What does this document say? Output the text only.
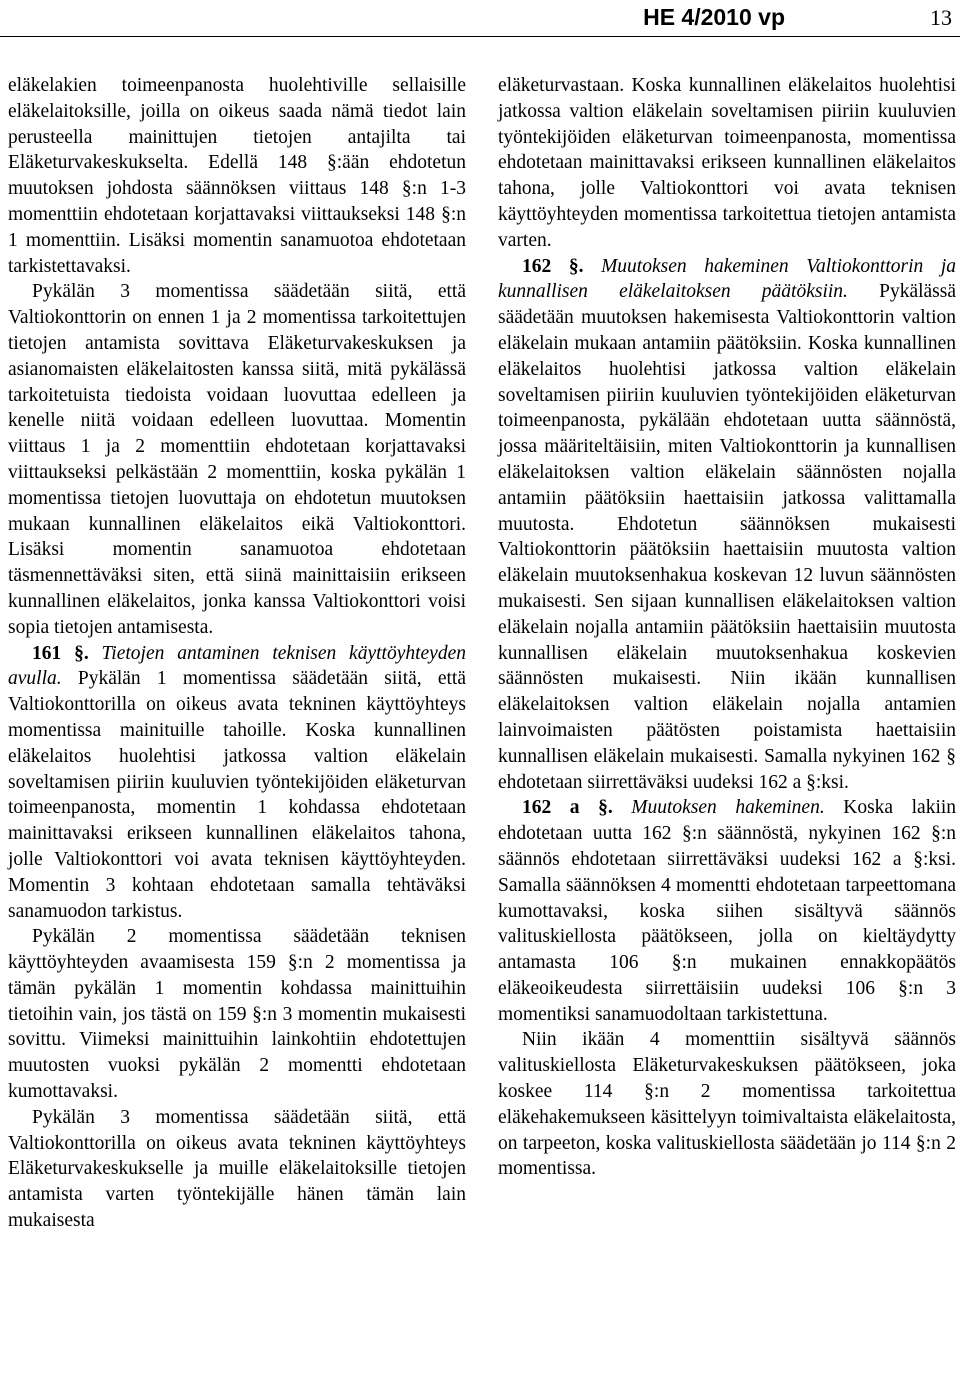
HE 4/2010 vp	13

eläkelakien toimeenpanosta huolehtiville sellaisille eläkelaitoksille, joilla on oikeus saada nämä tiedot lain perusteella mainittujen tietojen antajilta tai Eläketurvakeskukselta. Edellä 148 §:ään ehdotetun muutoksen johdosta säännöksen viittaus 148 §:n 1-3 momenttiin ehdotetaan korjattavaksi viittaukseksi 148 §:n 1 momenttiin. Lisäksi momentin sanamuotoa ehdotetaan tarkistettavaksi.

Pykälän 3 momentissa säädetään siitä, että Valtiokonttorin on ennen 1 ja 2 momentissa tarkoitettujen tietojen antamista sovittava Eläketurvakeskuksen ja asianomaisten eläkelaitosten kanssa siitä, mitä pykälässä tarkoitetuista tiedoista voidaan luovuttaa edelleen ja kenelle niitä voidaan edelleen luovuttaa. Momentin viittaus 1 ja 2 momenttiin ehdotetaan korjattavaksi viittaukseksi pelkästään 2 momenttiin, koska pykälän 1 momentissa tietojen luovuttaja on ehdotetun muutoksen mukaan kunnallinen eläkelaitos eikä Valtiokonttori. Lisäksi momentin sanamuotoa ehdotetaan täsmennettäväksi siten, että siinä mainittaisiin erikseen kunnallinen eläkelaitos, jonka kanssa Valtiokonttori voisi sopia tietojen antamisesta.

161 §. Tietojen antaminen teknisen käyttöyhteyden avulla. Pykälän 1 momentissa säädetään siitä, että Valtiokonttorilla on oikeus avata tekninen käyttöyhteys momentissa mainituille tahoille. Koska kunnallinen eläkelaitos huolehtisi jatkossa valtion eläkelain soveltamisen piiriin kuuluvien työntekijöiden eläketurvan toimeenpanosta, momentin 1 kohdassa ehdotetaan mainittavaksi erikseen kunnallinen eläkelaitos tahona, jolle Valtiokonttori voi avata teknisen käyttöyhteyden. Momentin 3 kohtaan ehdotetaan samalla tehtäväksi sanamuodon tarkistus.

Pykälän 2 momentissa säädetään teknisen käyttöyhteyden avaamisesta 159 §:n 2 momentissa ja tämän pykälän 1 momentin kohdassa mainittuihin tietoihin vain, jos tästä on 159 §:n 3 momentin mukaisesti sovittu. Viimeksi mainittuihin lainkohtiin ehdotettujen muutosten vuoksi pykälän 2 momentti ehdotetaan kumottavaksi.

Pykälän 3 momentissa säädetään siitä, että Valtiokonttorilla on oikeus avata tekninen käyttöyhteys Eläketurvakeskukselle ja muille eläkelaitoksille tietojen antamista varten työntekijälle hänen tämän lain mukaisesta

eläketurvastaan. Koska kunnallinen eläkelaitos huolehtisi jatkossa valtion eläkelain soveltamisen piiriin kuuluvien työntekijöiden eläketurvan toimeenpanosta, momentissa ehdotetaan mainittavaksi erikseen kunnallinen eläkelaitos tahona, jolle Valtiokonttori voi avata teknisen käyttöyhteyden momentissa tarkoitettua tietojen antamista varten.

162 §. Muutoksen hakeminen Valtiokonttorin ja kunnallisen eläkelaitoksen päätöksiin. Pykälässä säädetään muutoksen hakemisesta Valtiokonttorin valtion eläkelain mukaan antamiin päätöksiin. Koska kunnallinen eläkelaitos huolehtisi jatkossa valtion eläkelain soveltamisen piiriin kuuluvien työntekijöiden eläketurvan toimeenpanosta, pykälään ehdotetaan uutta säännöstä, jossa määriteltäisiin, miten Valtiokonttorin ja kunnallisen eläkelaitoksen valtion eläkelain säännösten nojalla antamiin päätöksiin haettaisiin jatkossa valittamalla muutosta. Ehdotetun säännöksen mukaisesti Valtiokonttorin päätöksiin haettaisiin muutosta valtion eläkelain muutoksenhakua koskevan 12 luvun säännösten mukaisesti. Sen sijaan kunnallisen eläkelaitoksen valtion eläkelain nojalla antamiin päätöksiin haettaisiin muutosta kunnallisen eläkelain muutoksenhakua koskevien säännösten mukaisesti. Niin ikään kunnallisen eläkelaitoksen valtion eläkelain nojalla antamien lainvoimaisten päätösten poistamista haettaisiin kunnallisen eläkelain mukaisesti. Samalla nykyinen 162 § ehdotetaan siirrettäväksi uudeksi 162 a §:ksi.

162 a §. Muutoksen hakeminen. Koska lakiin ehdotetaan uutta 162 §:n säännöstä, nykyinen 162 §:n säännös ehdotetaan siirrettäväksi uudeksi 162 a §:ksi. Samalla säännöksen 4 momentti ehdotetaan tarpeettomana kumottavaksi, koska siihen sisältyvä säännös valituskiellosta päätökseen, jolla on kieltäydytty antamasta 106 §:n mukainen ennakkopäätös eläkeoikeudesta siirrettäisiin uudeksi 106 §:n 3 momentiksi sanamuodoltaan tarkistettuna.

Niin ikään 4 momenttiin sisältyvä säännös valituskiellosta Eläketurvakeskuksen päätökseen, joka koskee 114 §:n 2 momentissa tarkoitettua eläkehakemukseen käsittelyyn toimivaltaista eläkelaitosta, on tarpeeton, koska valituskiellosta säädetään jo 114 §:n 2 momentissa.
